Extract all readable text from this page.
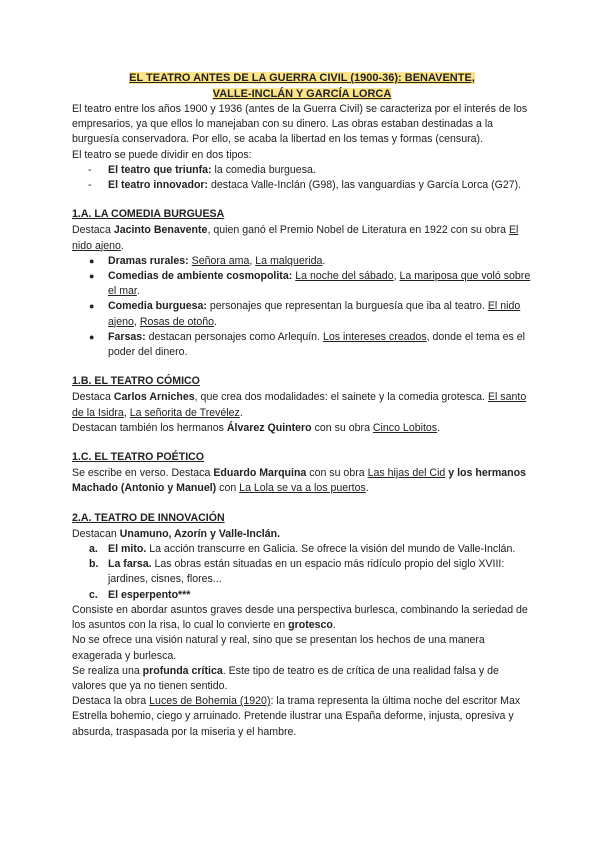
EL TEATRO ANTES DE LA GUERRA CIVIL (1900-36): BENAVENTE,
VALLE-INCLÁN Y GARCÍA LORCA

El teatro entre los años 1900 y 1936 (antes de la Guerra Civil) se caracteriza por el interés de los empresarios, ya que ellos lo manejaban con su dinero. Las obras estaban destinadas a la burguesía conservadora. Por ello, se acaba la libertad en los temas y formas (censura).

El teatro se puede dividir en dos tipos:

- El teatro que triunfa: la comedia burguesa.
- El teatro innovador: destaca Valle-Inclán (G98), las vanguardias y García Lorca (G27).
1.A. LA COMEDIA BURGUESA

Destaca Jacinto Benavente, quien ganó el Premio Nobel de Literatura en 1922 con su obra El nido ajeno.

● Dramas rurales: Señora ama, La malquerida.
● Comedias de ambiente cosmopolita: La noche del sábado, La mariposa que voló sobre el mar.
● Comedia burguesa: personajes que representan la burguesía que iba al teatro. El nido ajeno, Rosas de otoño.
● Farsas: destacan personajes como Arlequín. Los intereses creados, donde el tema es el poder del dinero.
1.B. EL TEATRO CÓMICO

Destaca Carlos Arniches, que crea dos modalidades: el sainete y la comedia grotesca. El santo de la Isidra, La señorita de Trevélez.

Destacan también los hermanos Álvarez Quintero con su obra Cinco Lobitos.

1.C. EL TEATRO POÉTICO

Se escribe en verso. Destaca Eduardo Marquina con su obra Las hijas del Cid y los hermanos Machado (Antonio y Manuel) con La Lola se va a los puertos.

2.A. TEATRO DE INNOVACIÓN

Destacan Unamuno, Azorín y Valle-Inclán.

a. El mito. La acción transcurre en Galicia. Se ofrece la visión del mundo de Valle-Inclán.
b. La farsa. Las obras están situadas en un espacio más ridículo propio del siglo XVIII: jardines, cisnes, flores...
c. El esperpento***

Consiste en abordar asuntos graves desde una perspectiva burlesca, combinando la seriedad de los asuntos con la risa, lo cual lo convierte en grotesco.

No se ofrece una visión natural y real, sino que se presentan los hechos de una manera exagerada y burlesca.

Se realiza una profunda crítica. Este tipo de teatro es de crítica de una realidad falsa y de valores que ya no tienen sentido.

Destaca la obra Luces de Bohemia (1920): la trama representa la última noche del escritor Max Estrella bohemio, ciego y arruinado. Pretende ilustrar una España deforme, injusta, opresiva y absurda, traspasada por la miseria y el hambre.
